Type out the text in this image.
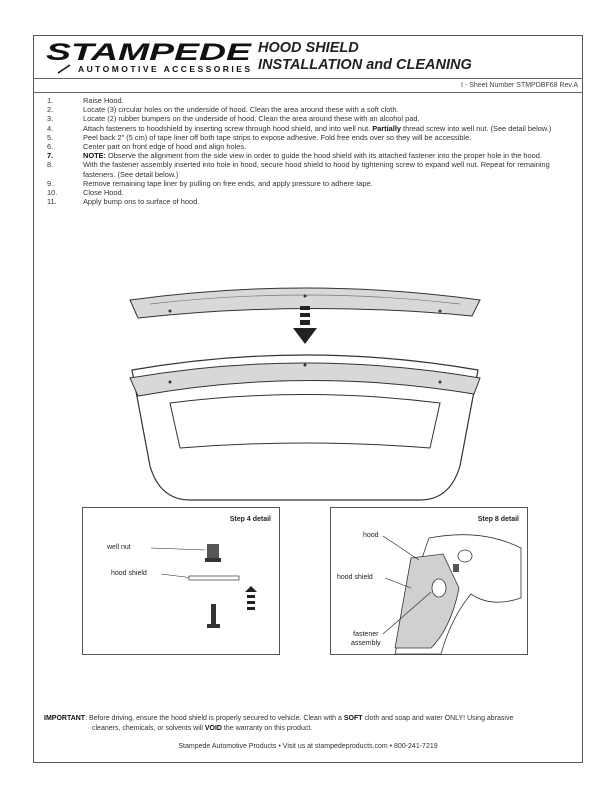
STAMPEDE
AUTOMOTIVE ACCESSORIES
HOOD SHIELD
INSTALLATION and CLEANING
I - Sheet Number STMPDBF68 Rev.A
1.	Raise Hood.
2.	Locate (3) circular holes on the underside of hood. Clean the area around these with a soft cloth.
3.	Locate (2) rubber bumpers on the underside of hood. Clean the area around these with an alcohol pad.
4.	Attach fasteners to hoodshield by inserting screw through hood shield, and into well nut. Partially thread screw into well nut. (See detail below.)
5.	Peel back 2" (5 cm) of tape liner off both tape strips to expose adhesive. Fold free ends over so they will be accessible.
6.	Center part on front edge of hood and align holes.
7.	NOTE: Observe the alignment from the side view in order to guide the hood shield with its attached fastener into the proper hole in the hood.
8.	With the fastener assembly inserted into hole in hood, secure hood shield to hood by tightening screw to expand well nut. Repeat for remaining fasteners. (See detail below.)
9.	Remove remaining tape liner by pulling on free ends, and apply pressure to adhere tape.
10.	Close Hood.
11.	Apply bump ons to surface of hood.
Step 4 detail
well nut
hood shield
Step 8 detail
hood
hood shield
fastener
assembly
IMPORTANT: Before driving, ensure the hood shield is properly secured to vehicle. Clean with a SOFT cloth and soap and water ONLY! Using abrasive
cleaners, chemicals, or solvents will VOID the warranty on this product.
Stampede Automotive Products • Visit us at stampedeproducts.com • 800-241-7219
